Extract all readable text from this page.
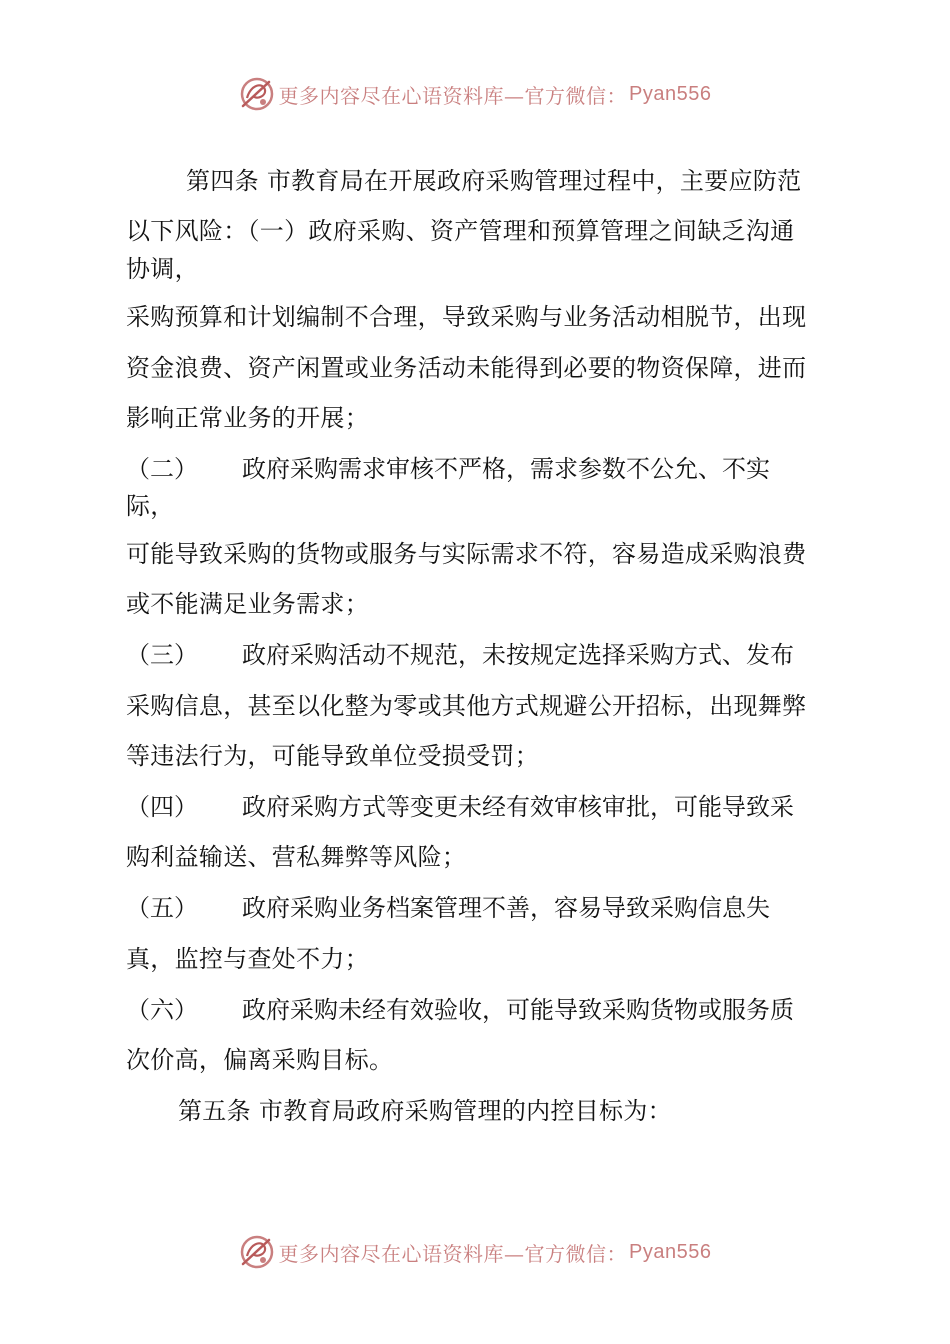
更多内容尽在心语资料库—官方微信： Pyan556
第四条 市教育局在开展政府采购管理过程中，主要应防范
以下风险：（一）政府采购、资产管理和预算管理之间缺乏沟通
协调，
采购预算和计划编制不合理，导致采购与业务活动相脱节，出现
资金浪费、资产闲置或业务活动未能得到必要的物资保障，进而
影响正常业务的开展；
（二） 政府采购需求审核不严格，需求参数不公允、不实
际，
可能导致采购的货物或服务与实际需求不符，容易造成采购浪费
或不能满足业务需求；
（三） 政府采购活动不规范，未按规定选择采购方式、发布
采购信息，甚至以化整为零或其他方式规避公开招标，出现舞弊
等违法行为，可能导致单位受损受罚；
（四） 政府采购方式等变更未经有效审核审批，可能导致采
购利益输送、营私舞弊等风险；
（五） 政府采购业务档案管理不善，容易导致采购信息失
真，监控与查处不力；
（六） 政府采购未经有效验收，可能导致采购货物或服务质
次价高，偏离采购目标。
第五条 市教育局政府采购管理的内控目标为：
更多内容尽在心语资料库—官方微信： Pyan556
